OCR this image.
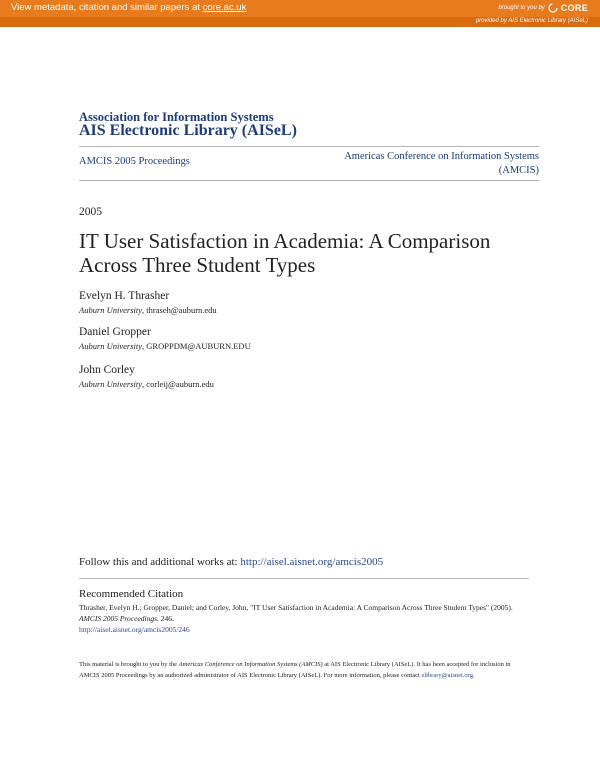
View metadata, citation and similar papers at core.ac.uk	brought to you by CORE
provided by AIS Electronic Library (AISeL)
Association for Information Systems
AIS Electronic Library (AISeL)
AMCIS 2005 Proceedings	Americas Conference on Information Systems
(AMCIS)
2005
IT User Satisfaction in Academia: A Comparison Across Three Student Types
Evelyn H. Thrasher
Auburn University, thraseh@auburn.edu
Daniel Gropper
Auburn University, GROPPDM@AUBURN.EDU
John Corley
Auburn University, corleij@auburn.edu
Follow this and additional works at: http://aisel.aisnet.org/amcis2005
Recommended Citation
Thrasher, Evelyn H.; Gropper, Daniel; and Corley, John, "IT User Satisfaction in Academia: A Comparison Across Three Student Types" (2005). AMCIS 2005 Proceedings. 246.
http://aisel.aisnet.org/amcis2005/246
This material is brought to you by the Americas Conference on Information Systems (AMCIS) at AIS Electronic Library (AISeL). It has been accepted for inclusion in AMCIS 2005 Proceedings by an authorized administrator of AIS Electronic Library (AISeL). For more information, please contact elibrary@aisnet.org.
